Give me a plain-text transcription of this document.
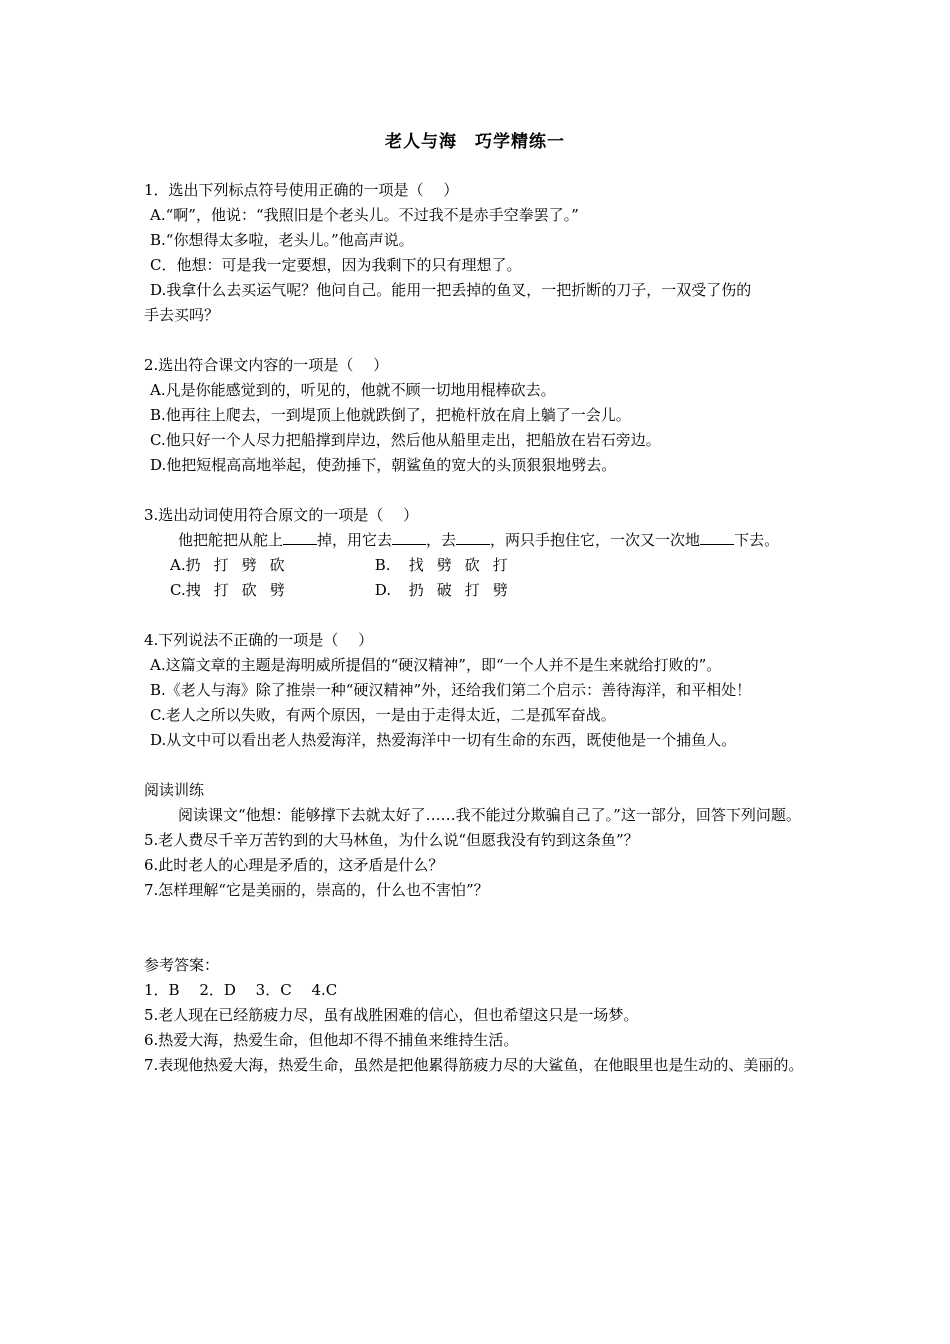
老人与海　巧学精练一
1．选出下列标点符号使用正确的一项是（　 ）
A.“啊”，他说：“我照旧是个老头儿。不过我不是赤手空拳罢了。”
B.“你想得太多啦，老头儿。”他高声说。
C．他想：可是我一定要想，因为我剩下的只有理想了。
D.我拿什么去买运气呢？他问自己。能用一把丢掉的鱼叉，一把折断的刀子，一双受了伤的
手去买吗？
2.选出符合课文内容的一项是（　 ）
A.凡是你能感觉到的，听见的，他就不顾一切地用棍棒砍去。
B.他再往上爬去，一到堤顶上他就跌倒了，把桅杆放在肩上躺了一会儿。
C.他只好一个人尽力把船撑到岸边，然后他从船里走出，把船放在岩石旁边。
D.他把短棍高高地举起，使劲捶下，朝鲨鱼的宽大的头顶狠狠地劈去。
3.选出动词使用符合原文的一项是（　 ）
他把舵把从舵上 掉，用它去 ，去 ，两只手抱住它，一次又一次地 下去。
A.扔 打 劈 砍	B. 找 劈 砍 打
C.拽 打 砍 劈	D. 扔 破 打 劈
4.下列说法不正确的一项是（　 ）
A.这篇文章的主题是海明威所提倡的“硬汉精神”，即“一个人并不是生来就给打败的”。
B.《老人与海》除了推崇一种“硬汉精神”外，还给我们第二个启示：善待海洋，和平相处！
C.老人之所以失败，有两个原因，一是由于走得太近，二是孤军奋战。
D.从文中可以看出老人热爱海洋，热爱海洋中一切有生命的东西，既使他是一个捕鱼人。
阅读训练
阅读课文“他想：能够撑下去就太好了……我不能过分欺骗自己了。”这一部分，回答下列问题。
5.老人费尽千辛万苦钓到的大马林鱼，为什么说“但愿我没有钓到这条鱼”？
6.此时老人的心理是矛盾的，这矛盾是什么？
7.怎样理解“它是美丽的，崇高的，什么也不害怕”？
参考答案：
1．B　 2．D　 3．C　 4.C
5.老人现在已经筋疲力尽，虽有战胜困难的信心，但也希望这只是一场梦。
6.热爱大海，热爱生命，但他却不得不捕鱼来维持生活。
7.表现他热爱大海，热爱生命，虽然是把他累得筋疲力尽的大鲨鱼，在他眼里也是生动的、美丽的。
